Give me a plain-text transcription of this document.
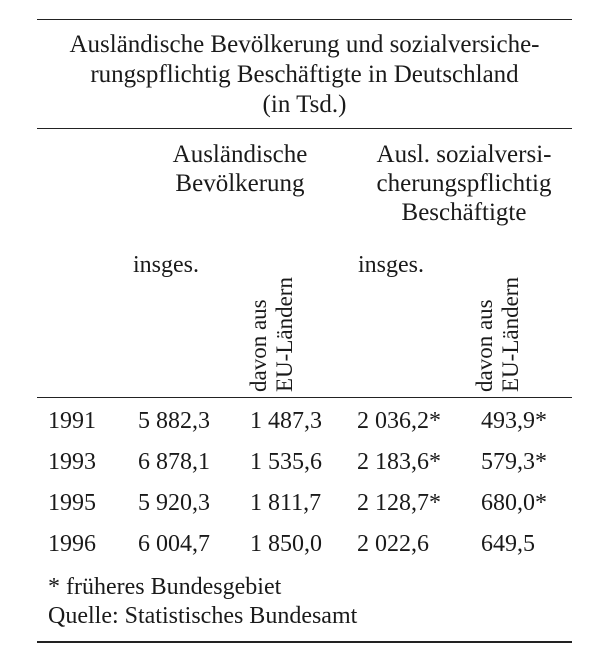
Ausländische Bevölkerung und sozialversiche-
rungspflichtig Beschäftigte in Deutschland
(in Tsd.)
Ausländische
Bevölkerung
Ausl. sozialversi-
cherungspflichtig
Beschäftigte
insges.
davon aus EU-Ländern
insges.
davon aus EU-Ländern
1991 5 882,3 1 487,3 2 036,2* 493,9*
1993 6 878,1 1 535,6 2 183,6* 579,3*
1995 5 920,3 1 811,7 2 128,7* 680,0*
1996 6 004,7 1 850,0 2 022,6 649,5
* früheres Bundesgebiet
Quelle: Statistisches Bundesamt
